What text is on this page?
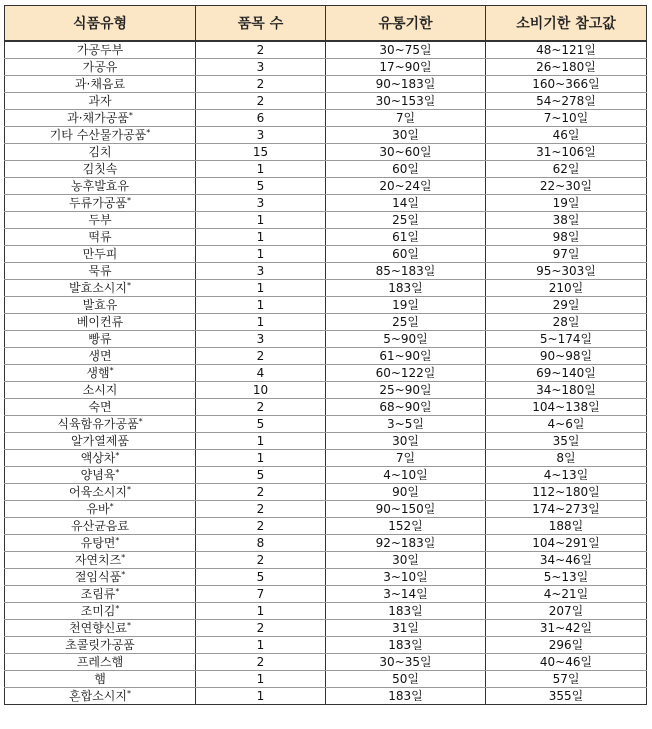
식품유형	품목 수	유통기한	소비기한 참고값
가공두부	2	30~75일	48~121일
가공유	3	17~90일	26~180일
과·채음료	2	90~183일	160~366일
과자	2	30~153일	54~278일
과·채가공품*	6	7일	7~10일
기타 수산물가공품*	3	30일	46일
김치	15	30~60일	31~106일
김칫속	1	60일	62일
농후발효유	5	20~24일	22~30일
두류가공품*	3	14일	19일
두부	1	25일	38일
떡류	1	61일	98일
만두피	1	60일	97일
묵류	3	85~183일	95~303일
발효소시지*	1	183일	210일
발효유	1	19일	29일
베이컨류	1	25일	28일
빵류	3	5~90일	5~174일
생면	2	61~90일	90~98일
생햄*	4	60~122일	69~140일
소시지	10	25~90일	34~180일
숙면	2	68~90일	104~138일
식육함유가공품*	5	3~5일	4~6일
알가열제품	1	30일	35일
액상차*	1	7일	8일
양념육*	5	4~10일	4~13일
어육소시지*	2	90일	112~180일
유바*	2	90~150일	174~273일
유산균음료	2	152일	188일
유탕면*	8	92~183일	104~291일
자연치즈*	2	30일	34~46일
절임식품*	5	3~10일	5~13일
조림류*	7	3~14일	4~21일
조미김*	1	183일	207일
천연향신료*	2	31일	31~42일
초콜릿가공품	1	183일	296일
프레스햄	2	30~35일	40~46일
햄	1	50일	57일
혼합소시지*	1	183일	355일
